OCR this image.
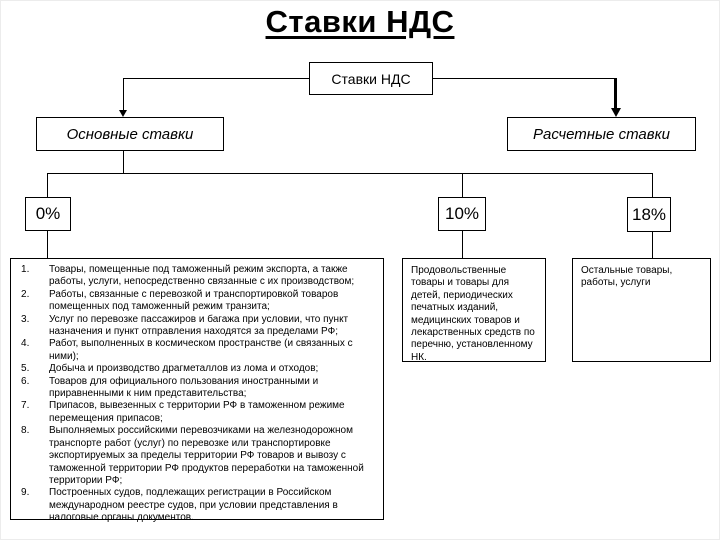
Ставки НДС
Ставки НДС
Основные ставки	Расчетные ставки
0%	10%	18%
Товары, помещенные под таможенный режим экспорта, а также работы, услуги, непосредственно связанные с их производством;
Работы, связанные с перевозкой и транспортировкой товаров помещенных под таможенный режим транзита;
Услуг по перевозке пассажиров и багажа при условии, что пункт назначения и пункт отправления находятся за пределами РФ;
Работ, выполненных в космическом пространстве (и связанных с ними);
Добыча и производство драгметаллов из лома и отходов;
Товаров для официального пользования иностранными и приравненными к ним представительства;
Припасов, вывезенных с территории РФ в таможенном режиме перемещения припасов;
Выполняемых российскими перевозчиками на железнодорожном транспорте работ (услуг) по перевозке или транспортировке экспортируемых за пределы территории РФ товаров и вывозу с таможенной территории РФ продуктов переработки на таможенной территории РФ;
Построенных судов, подлежащих регистрации в Российском международном реестре судов, при условии представления в налоговые органы документов.
Продовольственные товары и товары для детей, периодических печатных изданий, медицинских товаров и лекарственных средств по перечню, установленному НК.
Остальные товары, работы, услуги
